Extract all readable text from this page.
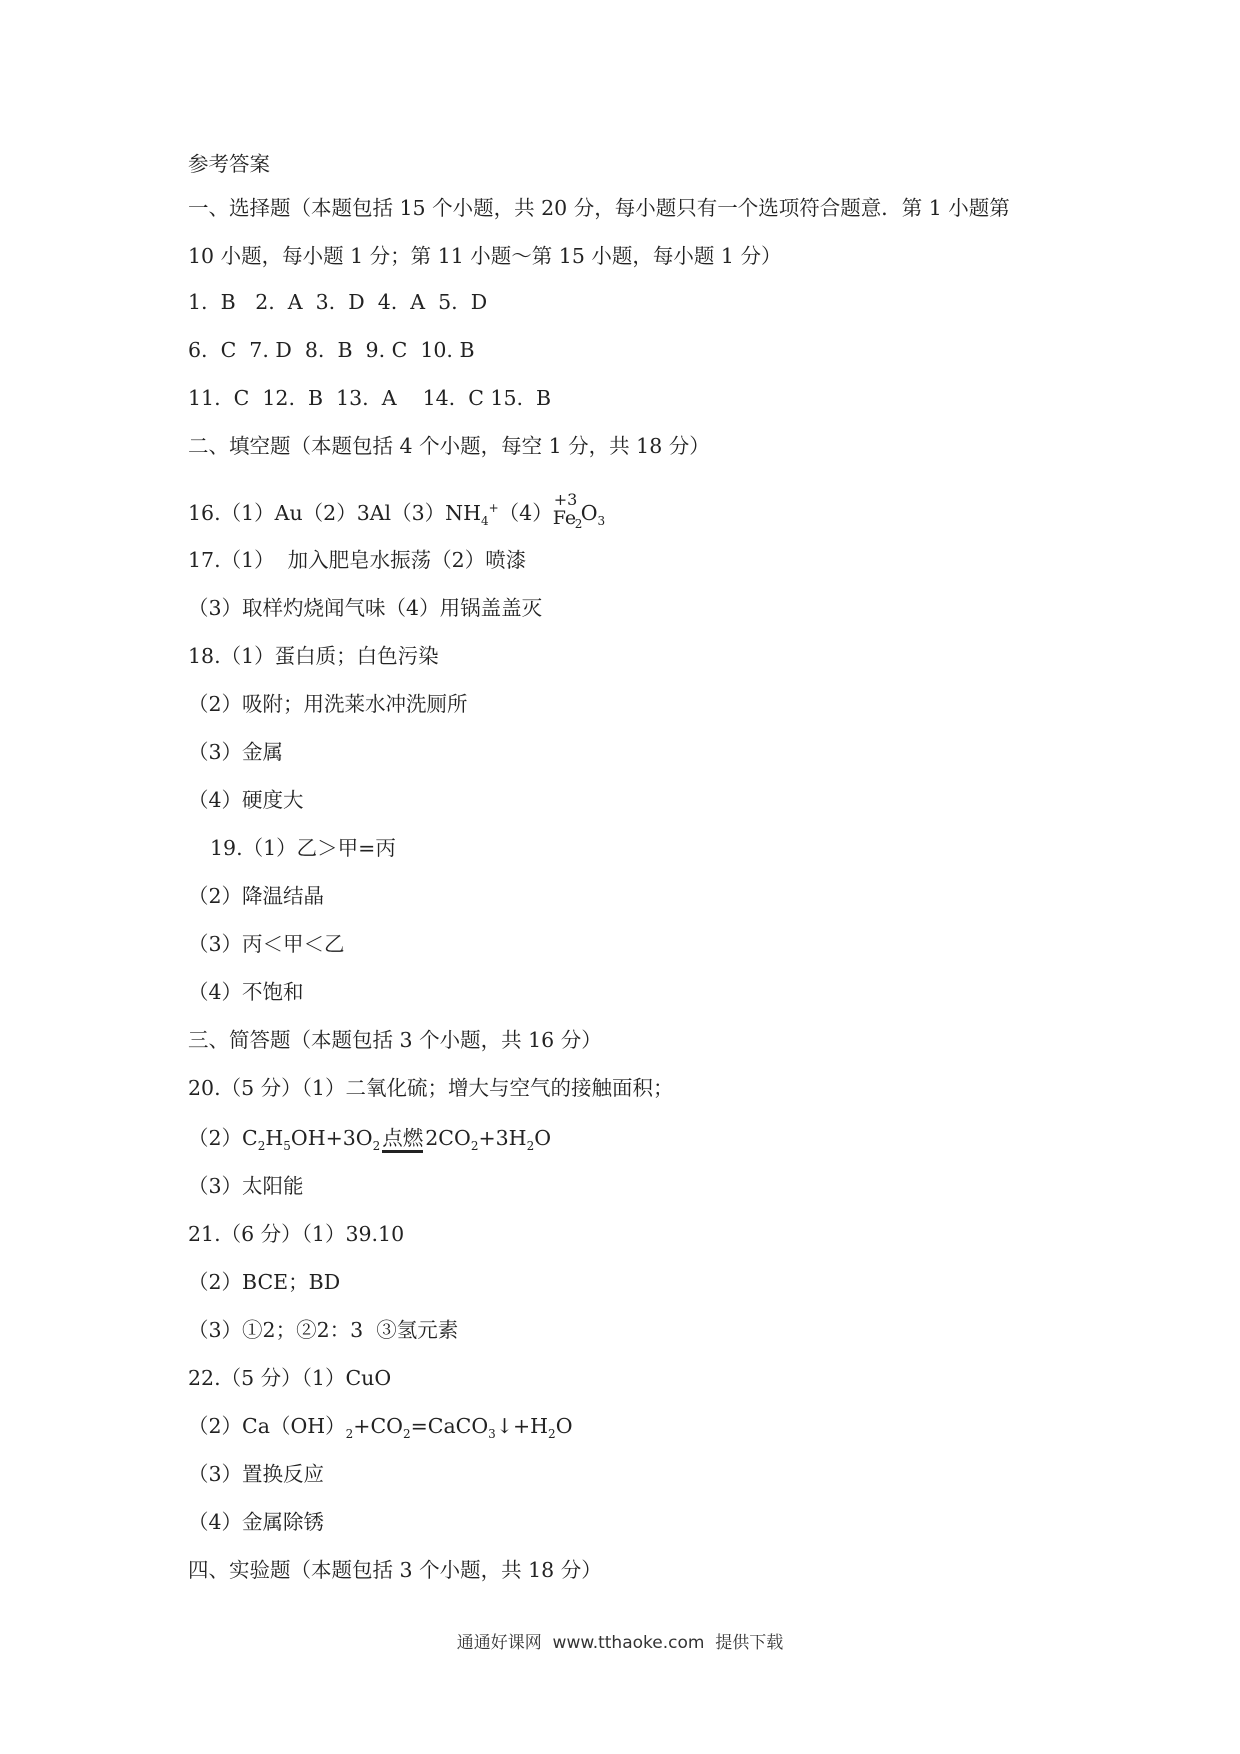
参考答案
一、选择题（本题包括 15 个小题，共 20 分，每小题只有一个选项符合题意．第 1 小题第
10 小题，每小题 1 分；第 11 小题～第 15 小题，每小题 1 分）
1.  B   2.  A  3.  D  4.  A  5.  D
6.  C  7. D  8.  B  9. C  10. B
11.  C  12.  B  13.  A    14.  C 15.  B
二、填空题（本题包括 4 个小题，每空 1 分，共 18 分）
$16.(1)Au(2)3Al(3)NH_4^+(4)$
+3
Fe
2
$O_3$
17.（1）  加入肥皂水振荡（2）喷漆
（3）取样灼烧闻气味（4）用锅盖盖灭
18.（1）蛋白质；白色污染
（2）吸附；用洗莱水冲洗厕所
（3）金属
（4）硬度大
19.（1）乙＞甲=丙
（2）降温结晶
（3）丙＜甲＜乙
（4）不饱和
三、简答题（本题包括 3 个小题，共 16 分）
20.（5 分）（1）二氧化硫；增大与空气的接触面积；
$(2)C_2H_5OH+3O_2$点燃$2CO_2+3H_2O$
（3）太阳能
21.（6 分）（1）39.10
（2）BCE；BD
（3）①2；②2：3  ③氢元素
22.（5 分）（1）CuO
$(2)Ca(OH)_2+CO_2=CaCO_3↓+H_2O$
（3）置换反应
（4）金属除锈
四、实验题（本题包括 3 个小题，共 18 分）
通通好课网  www.tthaoke.com  提供下载
